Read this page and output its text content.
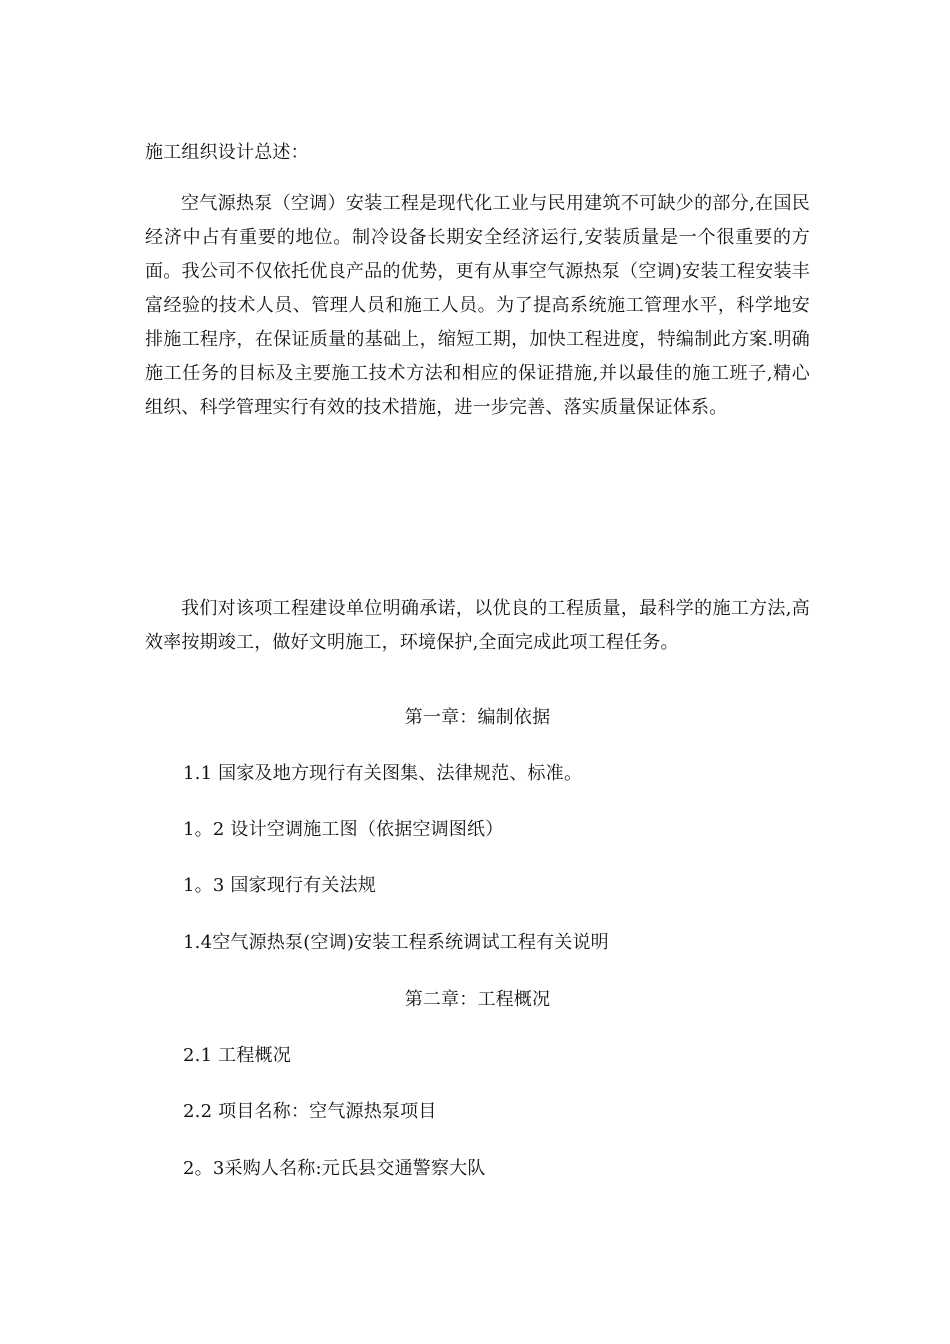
施工组织设计总述：
空气源热泵（空调）安装工程是现代化工业与民用建筑不可缺少的部分,在国民经济中占有重要的地位。制冷设备长期安全经济运行,安装质量是一个很重要的方面。我公司不仅依托优良产品的优势，更有从事空气源热泵（空调)安装工程安装丰富经验的技术人员、管理人员和施工人员。为了提高系统施工管理水平，科学地安排施工程序，在保证质量的基础上，缩短工期，加快工程进度，特编制此方案.明确施工任务的目标及主要施工技术方法和相应的保证措施,并以最佳的施工班子,精心组织、科学管理实行有效的技术措施，进一步完善、落实质量保证体系。
我们对该项工程建设单位明确承诺，以优良的工程质量，最科学的施工方法,高效率按期竣工，做好文明施工，环境保护,全面完成此项工程任务。
第一章：编制依据
1.1 国家及地方现行有关图集、法律规范、标准。
1。2 设计空调施工图（依据空调图纸）
1。3 国家现行有关法规
1.4空气源热泵(空调)安装工程系统调试工程有关说明
第二章：工程概况
2.1 工程概况
2.2 项目名称：空气源热泵项目
2。3采购人名称:元氏县交通警察大队
